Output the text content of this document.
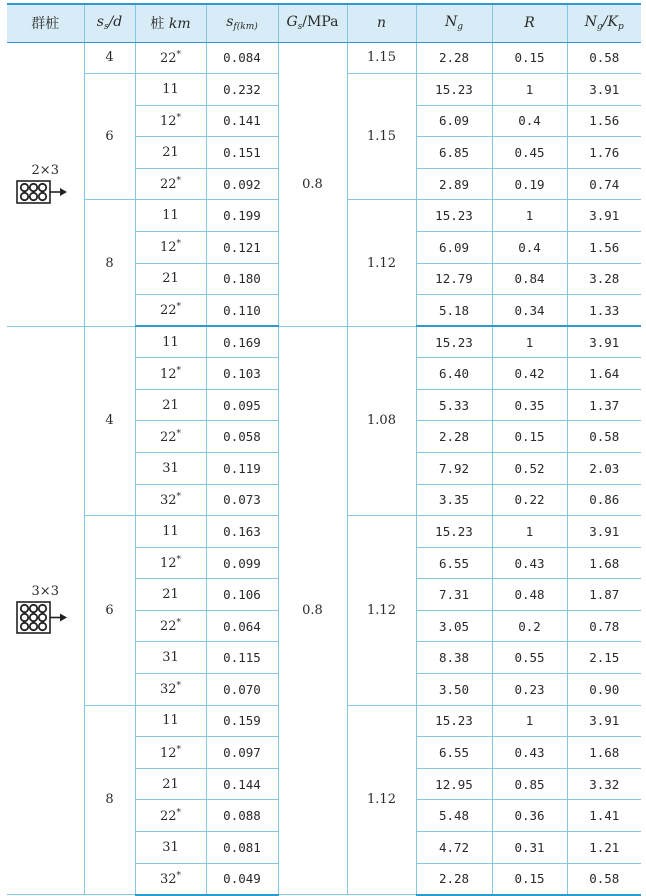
群桩	$s_s/d$	桩 km	$s_{f(km)}$	$G_s$/MPa	n	$N_g$	R	$N_g/K_p$

2×3	4	22*	0.084	0.8	1.15	2.28	0.15	0.58
	6	11	0.232		1.15	15.23	1	3.91
		12*	0.141			6.09	0.4	1.56
		21	0.151			6.85	0.45	1.76
		22*	0.092			2.89	0.19	0.74
	8	11	0.199		1.12	15.23	1	3.91
		12*	0.121			6.09	0.4	1.56
		21	0.180			12.79	0.84	3.28
		22*	0.110			5.18	0.34	1.33

3×3	4	11	0.169	0.8	1.08	15.23	1	3.91
		12*	0.103			6.40	0.42	1.64
		21	0.095			5.33	0.35	1.37
		22*	0.058			2.28	0.15	0.58
		31	0.119			7.92	0.52	2.03
		32*	0.073			3.35	0.22	0.86
	6	11	0.163		1.12	15.23	1	3.91
		12*	0.099			6.55	0.43	1.68
		21	0.106			7.31	0.48	1.87
		22*	0.064			3.05	0.2	0.78
		31	0.115			8.38	0.55	2.15
		32*	0.070			3.50	0.23	0.90
	8	11	0.159		1.12	15.23	1	3.91
		12*	0.097			6.55	0.43	1.68
		21	0.144			12.95	0.85	3.32
		22*	0.088			5.48	0.36	1.41
		31	0.081			4.72	0.31	1.21
		32*	0.049			2.28	0.15	0.58
